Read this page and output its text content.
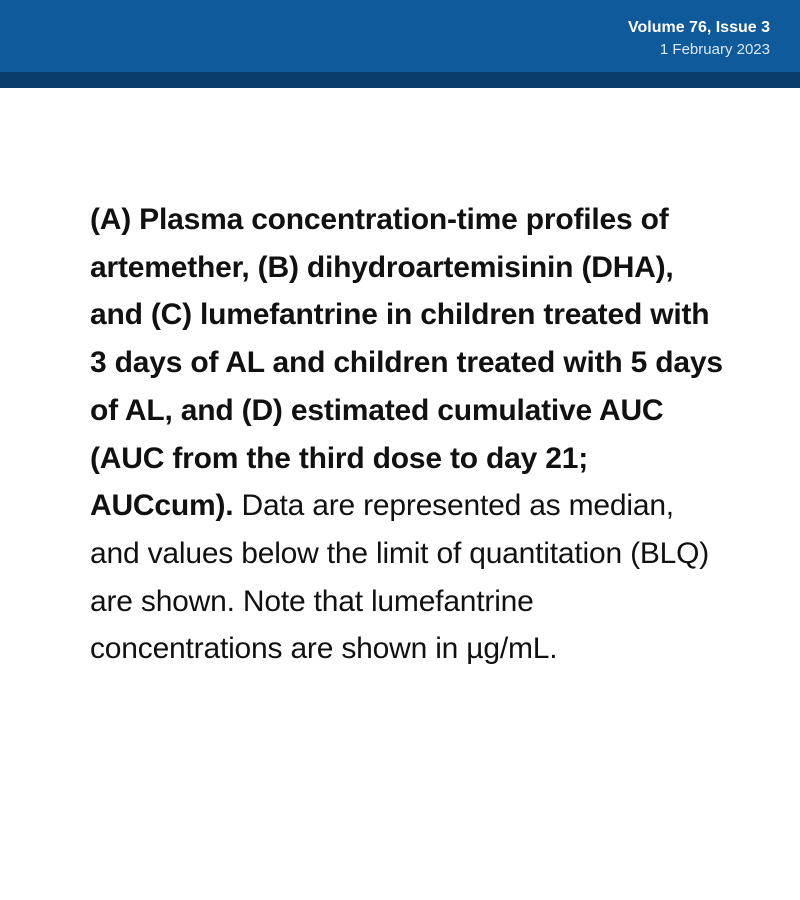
Volume 76, Issue 3
1 February 2023

(A) Plasma concentration-time profiles of artemether, (B) dihydroartemisinin (DHA), and (C) lumefantrine in children treated with 3 days of AL and children treated with 5 days of AL, and (D) estimated cumulative AUC (AUC from the third dose to day 21; AUCcum). Data are represented as median, and values below the limit of quantitation (BLQ) are shown. Note that lumefantrine concentrations are shown in µg/mL.
